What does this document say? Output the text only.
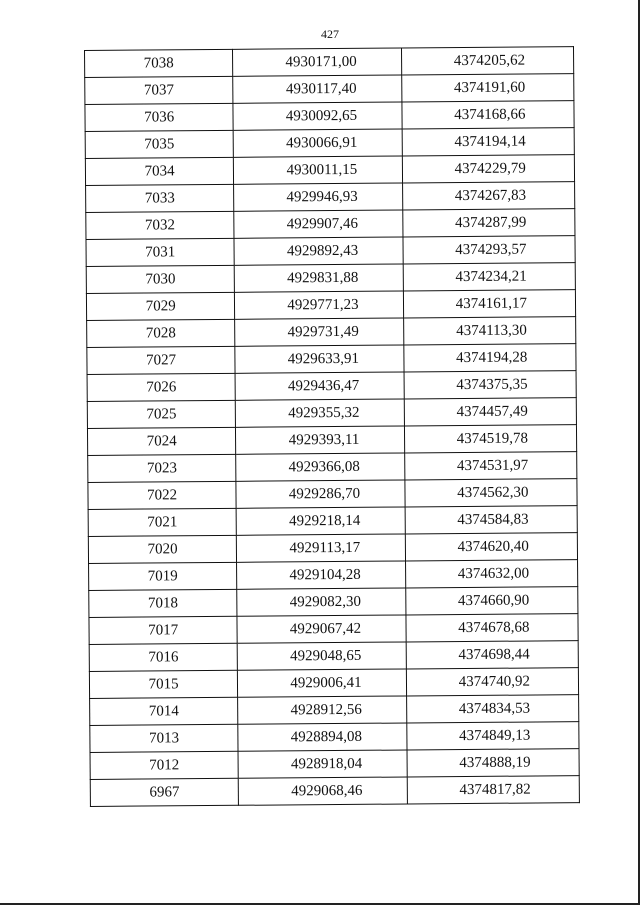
427
7038	4930171,00	4374205,62
7037	4930117,40	4374191,60
7036	4930092,65	4374168,66
7035	4930066,91	4374194,14
7034	4930011,15	4374229,79
7033	4929946,93	4374267,83
7032	4929907,46	4374287,99
7031	4929892,43	4374293,57
7030	4929831,88	4374234,21
7029	4929771,23	4374161,17
7028	4929731,49	4374113,30
7027	4929633,91	4374194,28
7026	4929436,47	4374375,35
7025	4929355,32	4374457,49
7024	4929393,11	4374519,78
7023	4929366,08	4374531,97
7022	4929286,70	4374562,30
7021	4929218,14	4374584,83
7020	4929113,17	4374620,40
7019	4929104,28	4374632,00
7018	4929082,30	4374660,90
7017	4929067,42	4374678,68
7016	4929048,65	4374698,44
7015	4929006,41	4374740,92
7014	4928912,56	4374834,53
7013	4928894,08	4374849,13
7012	4928918,04	4374888,19
6967	4929068,46	4374817,82
